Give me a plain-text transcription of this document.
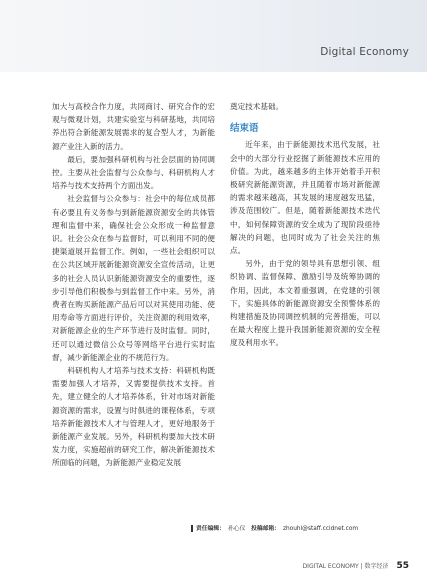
Digital Economy

加大与高校合作力度，共同商讨、研究合作的宏观与微观计划，共建实验室与科研基地，共同培养出符合新能源发展需求的复合型人才，为新能源产业注入新的活力。

最后，要加强科研机构与社会层面的协同调控。主要从社会监督与公众参与、科研机构人才培养与技术支持两个方面出发。

社会监督与公众参与：社会中的每位成员都有必要且有义务参与到新能源资源安全的共体管理和监督中来，确保社会公众形成一种监督意识。社会公众在参与监督时，可以利用不同的便捷渠道展开监督工作。例如，一些社会组织可以在公共区域开展新能源资源安全宣传活动，让更多的社会人员认识新能源资源安全的重要性，逐步引导他们积极参与到监督工作中来。另外，消费者在购买新能源产品后可以对其使用功能、使用寿命等方面进行评价，关注资源的利用效率，对新能源企业的生产环节进行及时监督。同时，还可以通过微信公众号等网络平台进行实时监督，减少新能源企业的不规范行为。

科研机构人才培养与技术支持：科研机构既需要加强人才培养，又需要提供技术支持。首先，建立健全的人才培养体系，针对市场对新能源资源的需求，设置与时俱进的课程体系，专项培养新能源技术人才与管理人才，更好地服务于新能源产业发展。另外，科研机构要加大技术研发力度，实施超前的研究工作，解决新能源技术所面临的问题，为新能源产业稳定发展

奠定技术基础。

结束语

近年来，由于新能源技术迅代发展，社会中的大部分行业挖掘了新能源技术应用的价值。为此，越来越多的主体开始着手开积极研究新能源资源，并且随着市场对新能源的需求越来越高，其发展的速度越发迅猛，涉及范围较广。但是，随着新能源技术迭代中，如何保障资源的安全成为了现阶段亟待解决的问题，也同时成为了社会关注的焦点。

另外，由于党的领导具有思想引领、组织协调、监督保障、激励引导及统筹协调的作用，因此，本文着重强调，在党建的引领下，实施具体的新能源资源安全预警体系的构建措施及协同调控机制的完善措施，可以在最大程度上提升我国新能源资源的安全程度及利用水平。

责任编辑： 孙心仪 投稿邮箱： zhouhl@staff.ccidnet.com
DIGITAL ECONOMY | 数字经济 55
